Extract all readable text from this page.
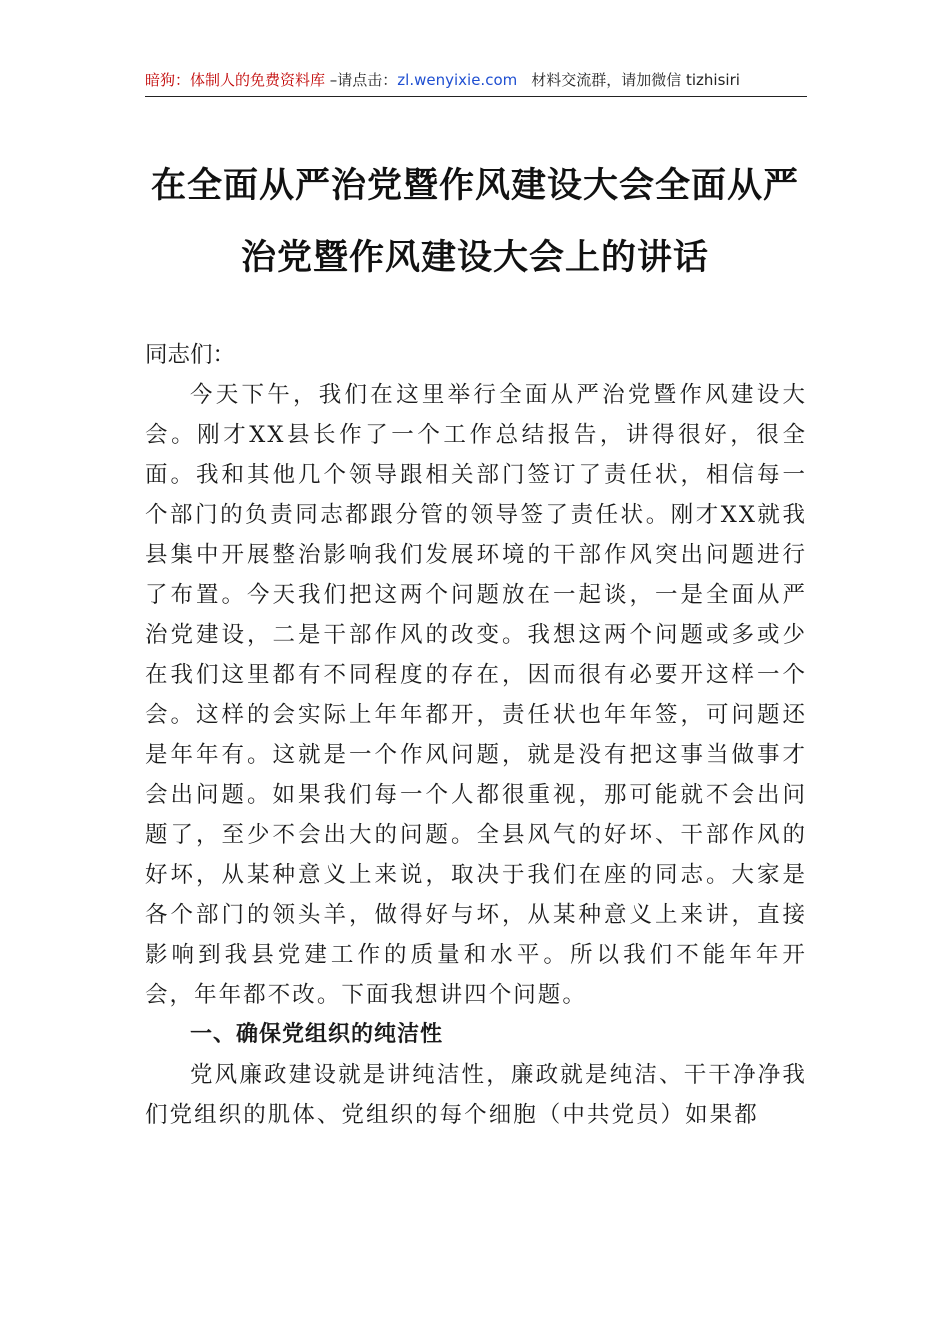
暗狗：体制人的免费资料库 –请点击：zl.wenyixie.com 材料交流群，请加微信 tizhisiri
在全面从严治党暨作风建设大会全面从严
治党暨作风建设大会上的讲话

同志们：

今天下午，我们在这里举行全面从严治党暨作风建设大会。刚才XX县长作了一个工作总结报告，讲得很好，很全面。我和其他几个领导跟相关部门签订了责任状，相信每一个部门的负责同志都跟分管的领导签了责任状。刚才XX就我县集中开展整治影响我们发展环境的干部作风突出问题进行了布置。今天我们把这两个问题放在一起谈，一是全面从严治党建设，二是干部作风的改变。我想这两个问题或多或少在我们这里都有不同程度的存在，因而很有必要开这样一个会。这样的会实际上年年都开，责任状也年年签，可问题还是年年有。这就是一个作风问题，就是没有把这事当做事才会出问题。如果我们每一个人都很重视，那可能就不会出问题了，至少不会出大的问题。全县风气的好坏、干部作风的好坏，从某种意义上来说，取决于我们在座的同志。大家是各个部门的领头羊，做得好与坏，从某种意义上来讲，直接影响到我县党建工作的质量和水平。所以我们不能年年开会，年年都不改。下面我想讲四个问题。

一、确保党组织的纯洁性

党风廉政建设就是讲纯洁性，廉政就是纯洁、干干净净我们党组织的肌体、党组织的每个细胞（中共党员）如果都
